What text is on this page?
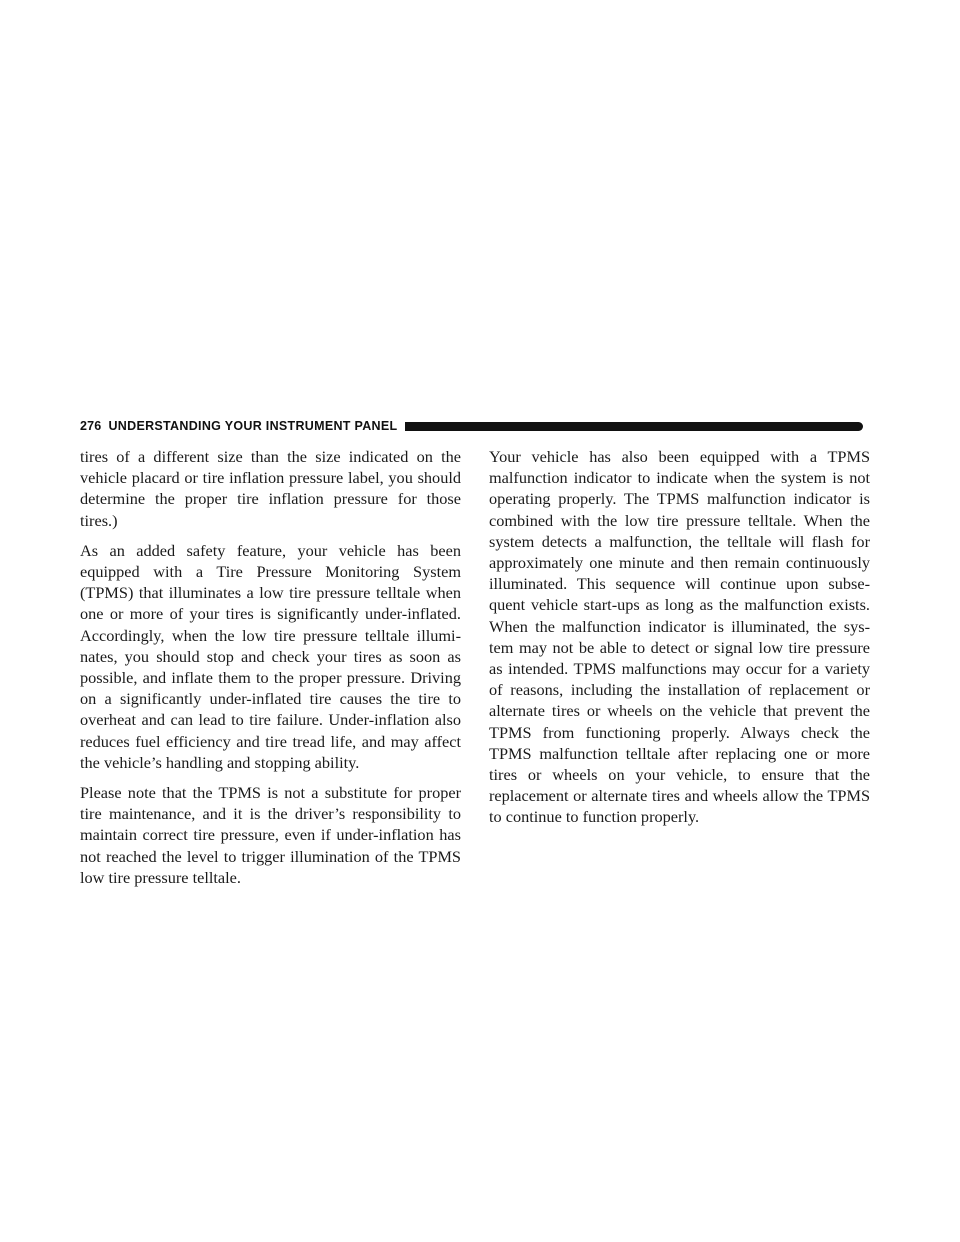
276 UNDERSTANDING YOUR INSTRUMENT PANEL

tires of a different size than the size indicated on the vehicle placard or tire inflation pressure label, you should determine the proper tire inflation pressure for those tires.)

As an added safety feature, your vehicle has been equipped with a Tire Pressure Monitoring System (TPMS) that illuminates a low tire pressure telltale when one or more of your tires is significantly under-inflated. Accordingly, when the low tire pressure telltale illumi-nates, you should stop and check your tires as soon as possible, and inflate them to the proper pressure. Driving on a significantly under-inflated tire causes the tire to overheat and can lead to tire failure. Under-inflation also reduces fuel efficiency and tire tread life, and may affect the vehicle’s handling and stopping ability.

Please note that the TPMS is not a substitute for proper tire maintenance, and it is the driver’s responsibility to maintain correct tire pressure, even if under-inflation has not reached the level to trigger illumination of the TPMS low tire pressure telltale.

Your vehicle has also been equipped with a TPMS malfunction indicator to indicate when the system is not operating properly. The TPMS malfunction indicator is combined with the low tire pressure telltale. When the system detects a malfunction, the telltale will flash for approximately one minute and then remain continuously illuminated. This sequence will continue upon subse-quent vehicle start-ups as long as the malfunction exists. When the malfunction indicator is illuminated, the sys-tem may not be able to detect or signal low tire pressure as intended. TPMS malfunctions may occur for a variety of reasons, including the installation of replacement or alternate tires or wheels on the vehicle that prevent the TPMS from functioning properly. Always check the TPMS malfunction telltale after replacing one or more tires or wheels on your vehicle, to ensure that the replacement or alternate tires and wheels allow the TPMS to continue to function properly.
